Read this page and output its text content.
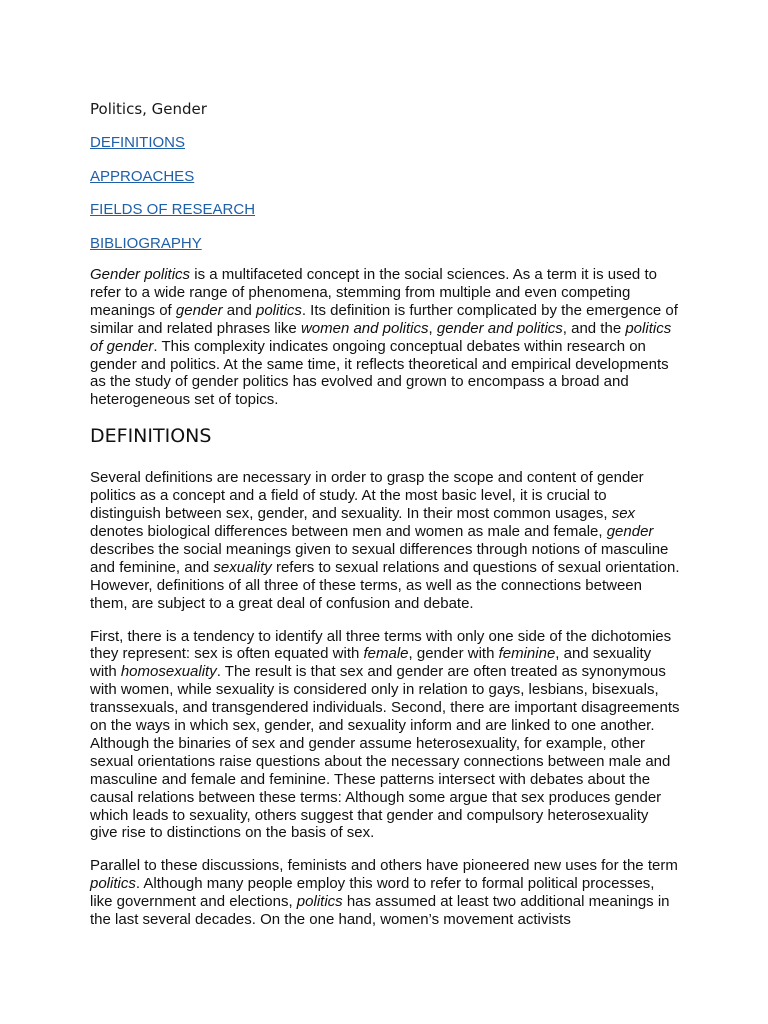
Politics, Gender
DEFINITIONS
APPROACHES
FIELDS OF RESEARCH
BIBLIOGRAPHY

Gender politics is a multifaceted concept in the social sciences. As a term it is used to refer to a wide range of phenomena, stemming from multiple and even competing meanings of gender and politics. Its definition is further complicated by the emergence of similar and related phrases like women and politics, gender and politics, and the politics of gender. This complexity indicates ongoing conceptual debates within research on gender and politics. At the same time, it reflects theoretical and empirical developments as the study of gender politics has evolved and grown to encompass a broad and heterogeneous set of topics.

DEFINITIONS

Several definitions are necessary in order to grasp the scope and content of gender politics as a concept and a field of study. At the most basic level, it is crucial to distinguish between sex, gender, and sexuality. In their most common usages, sex denotes biological differences between men and women as male and female, gender describes the social meanings given to sexual differences through notions of masculine and feminine, and sexuality refers to sexual relations and questions of sexual orientation. However, definitions of all three of these terms, as well as the connections between them, are subject to a great deal of confusion and debate.

First, there is a tendency to identify all three terms with only one side of the dichotomies they represent: sex is often equated with female, gender with feminine, and sexuality with homosexuality. The result is that sex and gender are often treated as synonymous with women, while sexuality is considered only in relation to gays, lesbians, bisexuals, transsexuals, and transgendered individuals. Second, there are important disagreements on the ways in which sex, gender, and sexuality inform and are linked to one another. Although the binaries of sex and gender assume heterosexuality, for example, other sexual orientations raise questions about the necessary connections between male and masculine and female and feminine. These patterns intersect with debates about the causal relations between these terms: Although some argue that sex produces gender which leads to sexuality, others suggest that gender and compulsory heterosexuality give rise to distinctions on the basis of sex.

Parallel to these discussions, feminists and others have pioneered new uses for the term politics. Although many people employ this word to refer to formal political processes, like government and elections, politics has assumed at least two additional meanings in the last several decades. On the one hand, women’s movement activists
